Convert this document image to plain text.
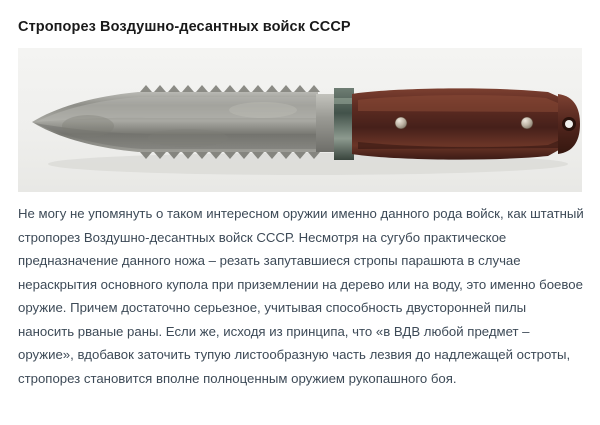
Стропорез Воздушно-десантных войск СССР

Не могу не упомянуть о таком интересном оружии именно данного рода войск, как штатный стропорез Воздушно-десантных войск СССР. Несмотря на сугубо практическое предназначение данного ножа – резать запутавшиеся стропы парашюта в случае нераскрытия основного купола при приземлении на дерево или на воду, это именно боевое оружие. Причем достаточно серьезное, учитывая способность двусторонней пилы наносить рваные раны. Если же, исходя из принципа, что «в ВДВ любой предмет – оружие», вдобавок заточить тупую листообразную часть лезвия до надлежащей остроты, стропорез становится вполне полноценным оружием рукопашного боя.
